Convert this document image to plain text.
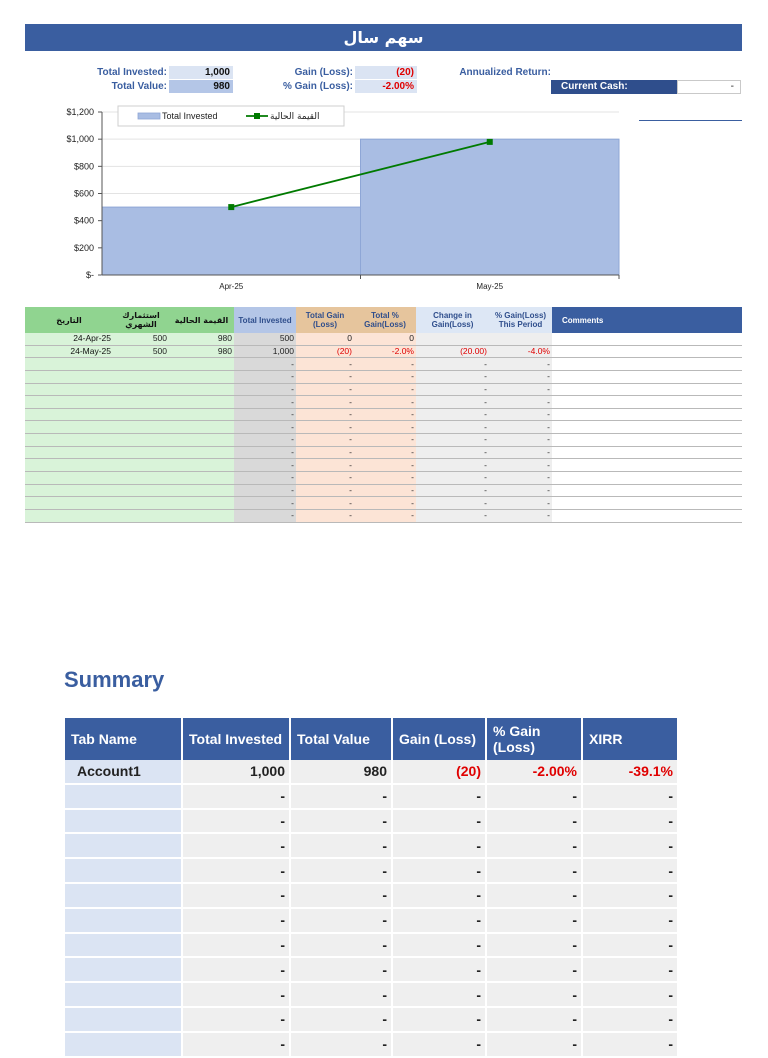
سهم سال
Total Invested:	1,000
Total Value:	980
Gain (Loss):	(20)
% Gain (Loss):	-2.00%
Annualized Return:
Current Cash:	-
$1,200
$1,000
$800
$600
$400
$200
$-
Apr-25	May-25
Total Invested	القيمة الحالية
التاريخ	استثمارك الشهري	القيمة الحالية	Total Invested	Total Gain (Loss)	Total % Gain(Loss)	Change in Gain(Loss)	% Gain(Loss) This Period	Comments
24-Apr-25	500	980	500	0	0			
24-May-25	500	980	1,000	(20)	-2.0%	(20.00)	-4.0%	
			-	-	-	-	-	
			-	-	-	-	-	
			-	-	-	-	-	
			-	-	-	-	-	
			-	-	-	-	-	
			-	-	-	-	-	
			-	-	-	-	-	
			-	-	-	-	-	
			-	-	-	-	-	
			-	-	-	-	-	
			-	-	-	-	-	
			-	-	-	-	-	
			-	-	-	-	-	
Summary
Tab Name	Total Invested	Total Value	Gain (Loss)	% Gain (Loss)	XIRR
Account1	1,000	980	(20)	-2.00%	-39.1%
	-	-	-	-	-
	-	-	-	-	-
	-	-	-	-	-
	-	-	-	-	-
	-	-	-	-	-
	-	-	-	-	-
	-	-	-	-	-
	-	-	-	-	-
	-	-	-	-	-
	-	-	-	-	-
	-	-	-	-	-
